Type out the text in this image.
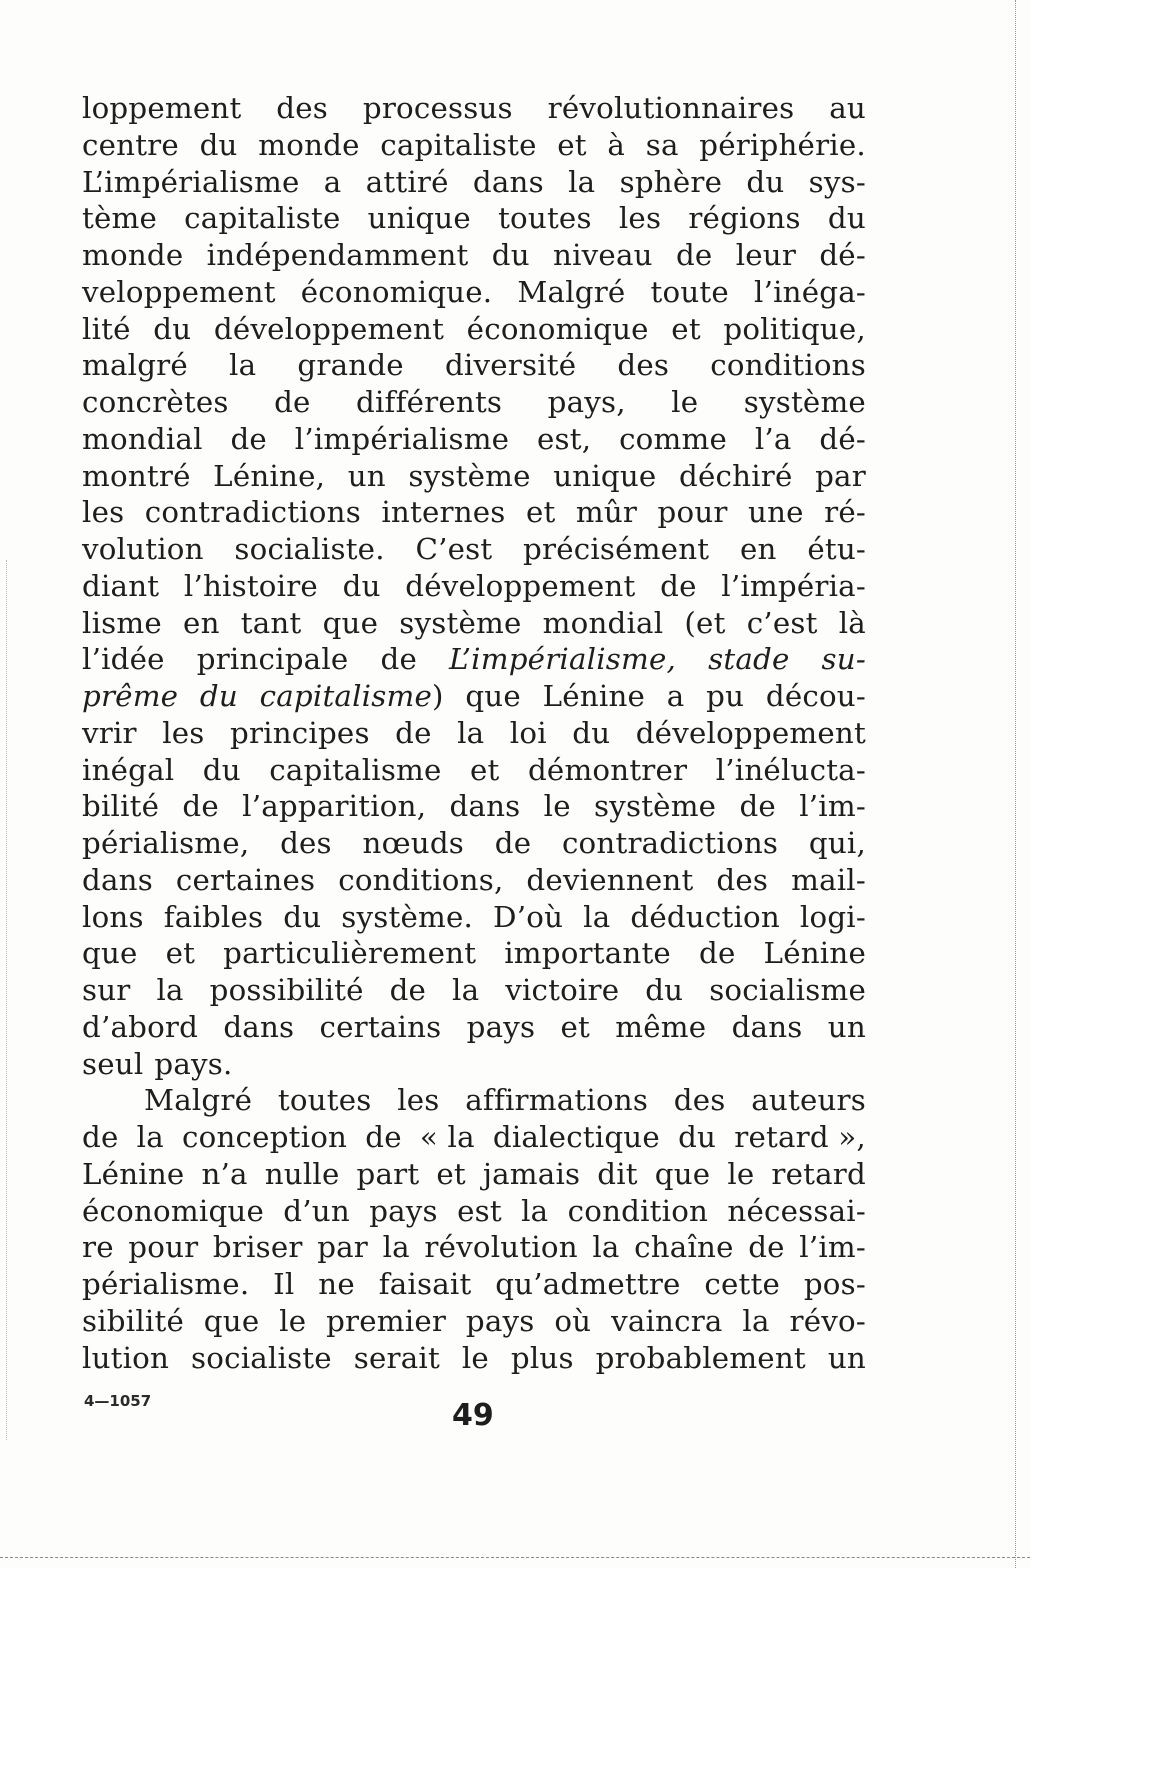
loppement des processus révolutionnaires au
centre du monde capitaliste et à sa périphérie.
L’impérialisme a attiré dans la sphère du sys-
tème capitaliste unique toutes les régions du
monde indépendamment du niveau de leur dé-
veloppement économique. Malgré toute l’inéga-
lité du développement économique et politique,
malgré la grande diversité des conditions
concrètes de différents pays, le système
mondial de l’impérialisme est, comme l’a dé-
montré Lénine, un système unique déchiré par
les contradictions internes et mûr pour une ré-
volution socialiste. C’est précisément en étu-
diant l’histoire du développement de l’impéria-
lisme en tant que système mondial (et c’est là
l’idée principale de L’impérialisme, stade su-
prême du capitalisme) que Lénine a pu décou-
vrir les principes de la loi du développement
inégal du capitalisme et démontrer l’inéluctа-
bilité de l’apparition, dans le système de l’im-
périalisme, des nœuds de contradictions qui,
dans certaines conditions, deviennent des mail-
lons faibles du système. D’où la déduction logi-
que et particulièrement importante de Lénine
sur la possibilité de la victoire du socialisme
d’abord dans certains pays et même dans un
seul pays.
Malgré toutes les affirmations des auteurs
de la conception de « la dialectique du retard »,
Lénine n’a nulle part et jamais dit que le retard
économique d’un pays est la condition nécessai-
re pour briser par la révolution la chaîne de l’im-
périalisme. Il ne faisait qu’admettre cette pos-
sibilité que le premier pays où vaincra la révo-
lution socialiste serait le plus probablement un
4—1057	49
